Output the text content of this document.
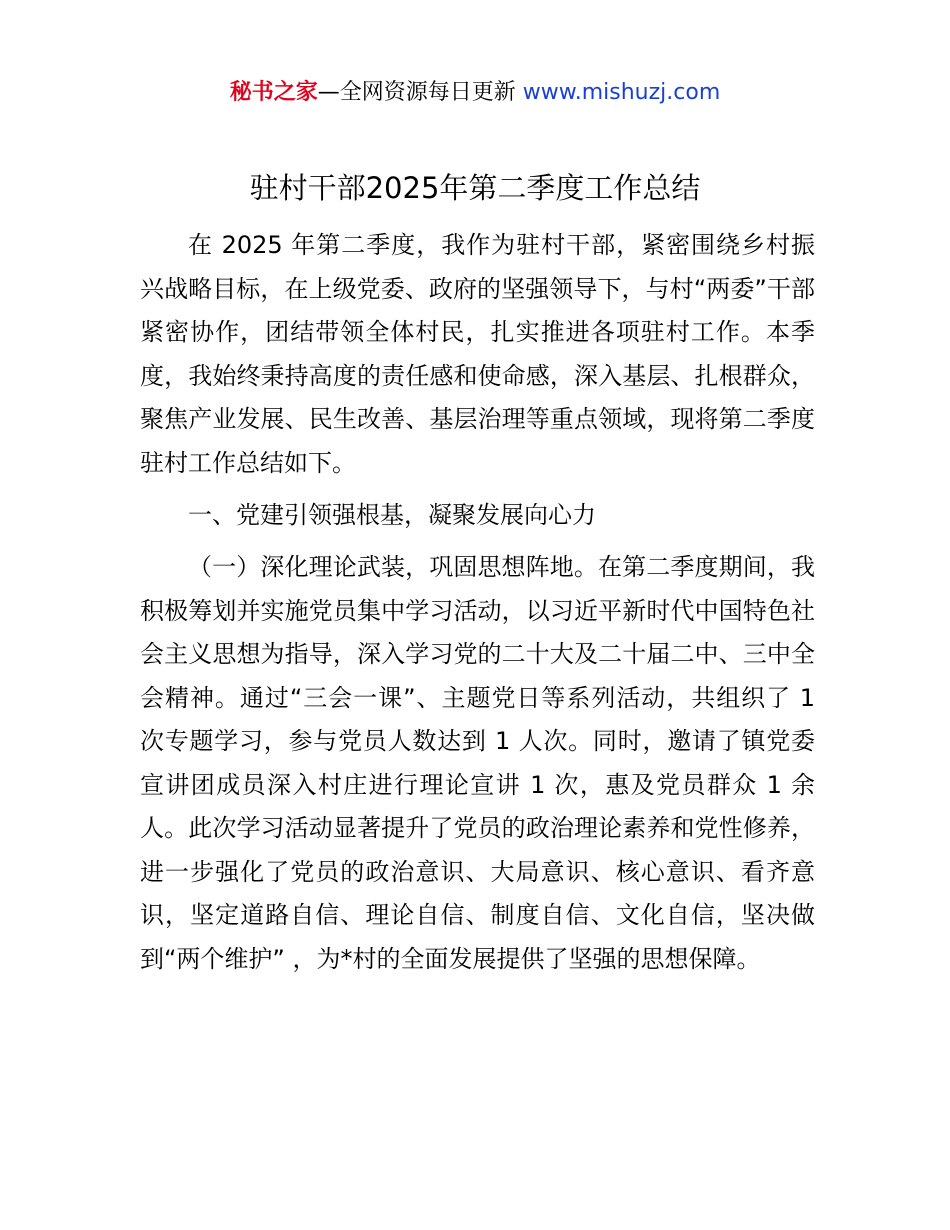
秘书之家—全网资源每日更新 www.mishuzj.com
驻村干部2025年第二季度工作总结

在 2025 年第二季度，我作为驻村干部，紧密围绕乡村振兴战略目标，在上级党委、政府的坚强领导下，与村“两委”干部紧密协作，团结带领全体村民，扎实推进各项驻村工作。本季度，我始终秉持高度的责任感和使命感，深入基层、扎根群众，聚焦产业发展、民生改善、基层治理等重点领域，现将第二季度驻村工作总结如下。

一、党建引领强根基，凝聚发展向心力

（一）深化理论武装，巩固思想阵地。在第二季度期间，我积极筹划并实施党员集中学习活动，以习近平新时代中国特色社会主义思想为指导，深入学习党的二十大及二十届二中、三中全会精神。通过“三会一课”、主题党日等系列活动，共组织了 1 次专题学习，参与党员人数达到 1 人次。同时，邀请了镇党委宣讲团成员深入村庄进行理论宣讲 1 次，惠及党员群众 1 余人。此次学习活动显著提升了党员的政治理论素养和党性修养，进一步强化了党员的政治意识、大局意识、核心意识、看齐意识，坚定道路自信、理论自信、制度自信、文化自信，坚决做到“两个维护” ，为*村的全面发展提供了坚强的思想保障。
